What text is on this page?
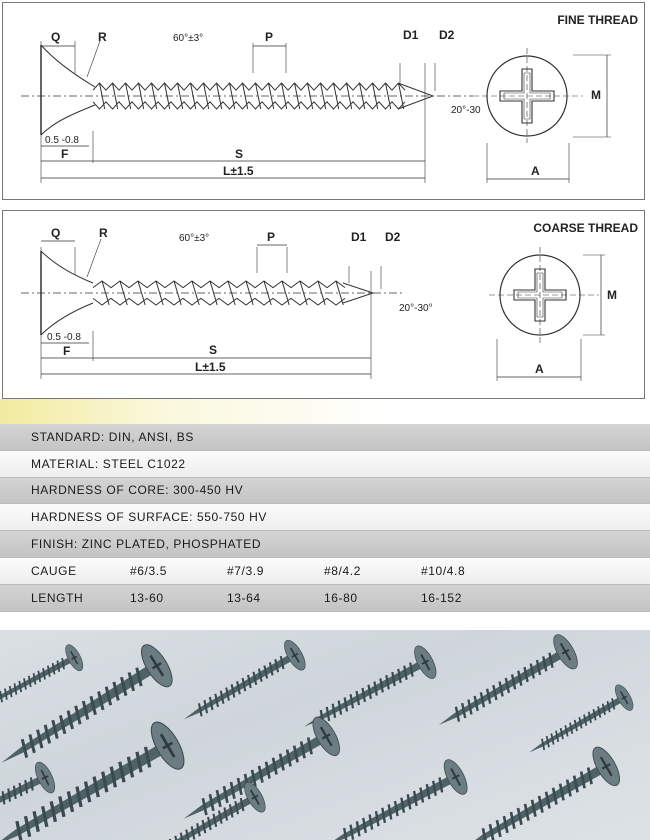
FINE THREAD
Q	R	60°±3°	P	D1 D2
20°-30
M
A
0.5 -0.8
F	S
L±1.5
COARSE THREAD
Q	R	60°±3°	P	D1 D2
20°-30°
M
A
0.5 -0.8
F	S
L±1.5
STANDARD: DIN, ANSI, BS
MATERIAL: STEEL C1022
HARDNESS OF CORE: 300-450 HV
HARDNESS OF SURFACE: 550-750 HV
FINISH: ZINC PLATED, PHOSPHATED
CAUGE	#6/3.5	#7/3.9	#8/4.2	#10/4.8
LENGTH	13-60	13-64	16-80	16-152
